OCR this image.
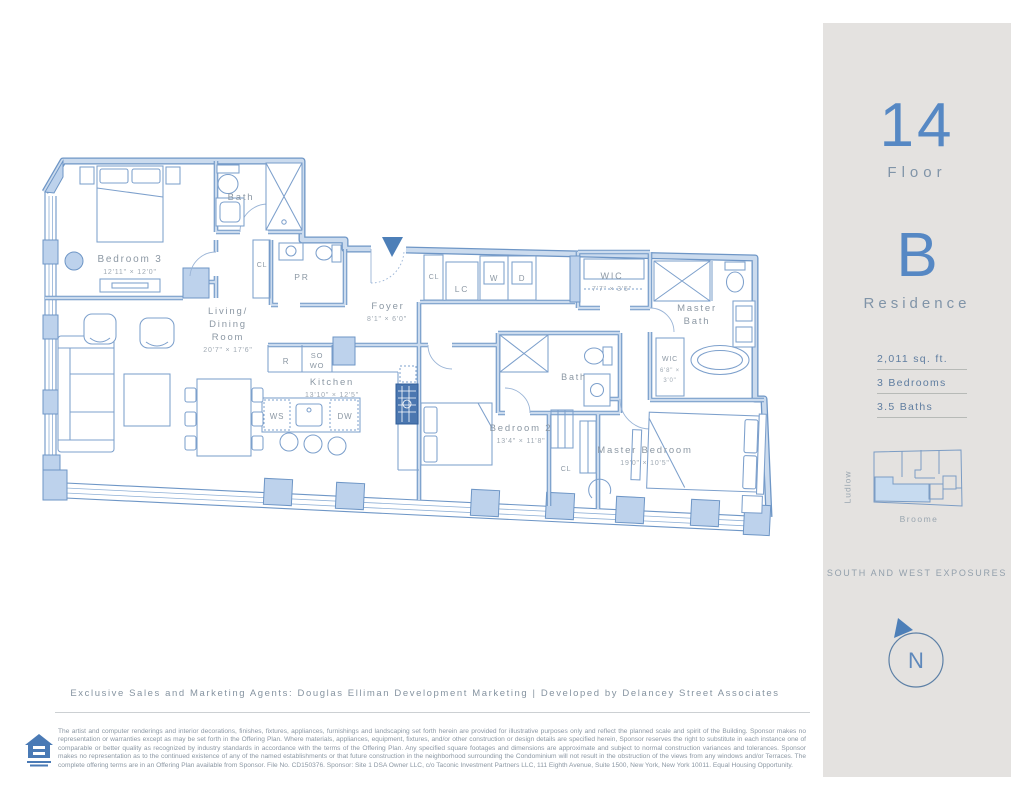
Bedroom 3
12'11" × 12'0"
Bath
CL
PR
Foyer
8'1" × 6'0"
CL
LC
W	D	WIC
7'7" × 3'5"
Master
Bath
Living/
Dining
Room
20'7" × 17'6"
Kitchen
13'10" × 12'5"
R
SO
WO
WS	DW
Bath
Bedroom 2
13'4" × 11'8"
CL
WIC
6'8" ×
3'0"
Master Bedroom
19'0" × 10'5"
14
Floor
B
Residence
2,011 sq. ft.
3 Bedrooms
3.5 Baths
Ludlow
Broome
SOUTH AND WEST EXPOSURES
N
Exclusive Sales and Marketing Agents: Douglas Elliman Development Marketing | Developed by Delancey Street Associates

The artist and computer renderings and interior decorations, finishes, fixtures, appliances, furnishings and landscaping set forth herein are provided for illustrative purposes only and reflect the planned scale and spirit of the Building. Sponsor makes no representation or warranties except as may be set forth in the Offering Plan. Where materials, appliances, equipment, fixtures, and/or other construction or design details are specified herein, Sponsor reserves the right to substitute in each instance one of comparable or better quality as recognized by industry standards in accordance with the terms of the Offering Plan. Any specified square footages and dimensions are approximate and subject to normal construction variances and tolerances. Sponsor makes no representation as to the continued existence of any of the named establishments or that future construction in the neighborhood surrounding the Condominium will not result in the obstruction of the views from any windows and/or Terraces. The complete offering terms are in an Offering Plan available from Sponsor. File No. CD150376. Sponsor: Site 1 DSA Owner LLC, c/o Taconic Investment Partners LLC, 111 Eighth Avenue, Suite 1500, New York, New York 10011. Equal Housing Opportunity.
